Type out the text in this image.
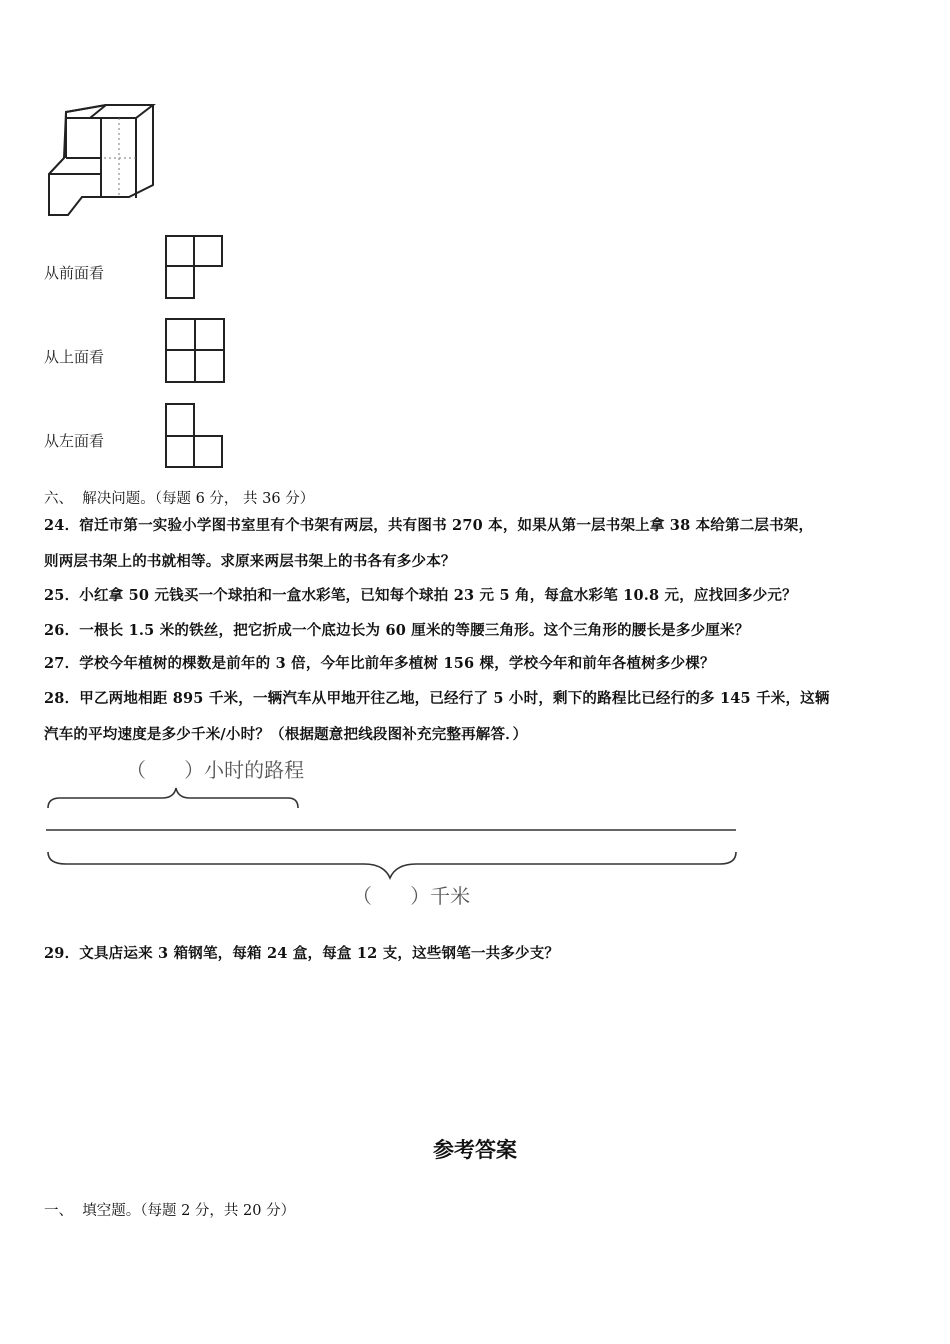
从前面看
从上面看
从左面看
六、  解决问题。（每题 6 分， 共 36 分）
24．宿迁市第一实验小学图书室里有个书架有两层，共有图书 270 本，如果从第一层书架上拿 38 本给第二层书架，
则两层书架上的书就相等。求原来两层书架上的书各有多少本？
25．小红拿 50 元钱买一个球拍和一盒水彩笔，已知每个球拍 23 元 5 角，每盒水彩笔 10.8 元，应找回多少元？
26．一根长 1.5 米的铁丝，把它折成一个底边长为 60 厘米的等腰三角形。这个三角形的腰长是多少厘米？
27．学校今年植树的棵数是前年的 3 倍，今年比前年多植树 156 棵，学校今年和前年各植树多少棵？
28．甲乙两地相距 895 千米，一辆汽车从甲地开往乙地，已经行了 5 小时，剩下的路程比已经行的多 145 千米，这辆
汽车的平均速度是多少千米/小时？（根据题意把线段图补充完整再解答．）
（      ）小时的路程
（      ）千米
29．文具店运来 3 箱钢笔，每箱 24 盒，每盒 12 支，这些钢笔一共多少支？
参考答案
一、  填空题。（每题 2 分，共 20 分）
